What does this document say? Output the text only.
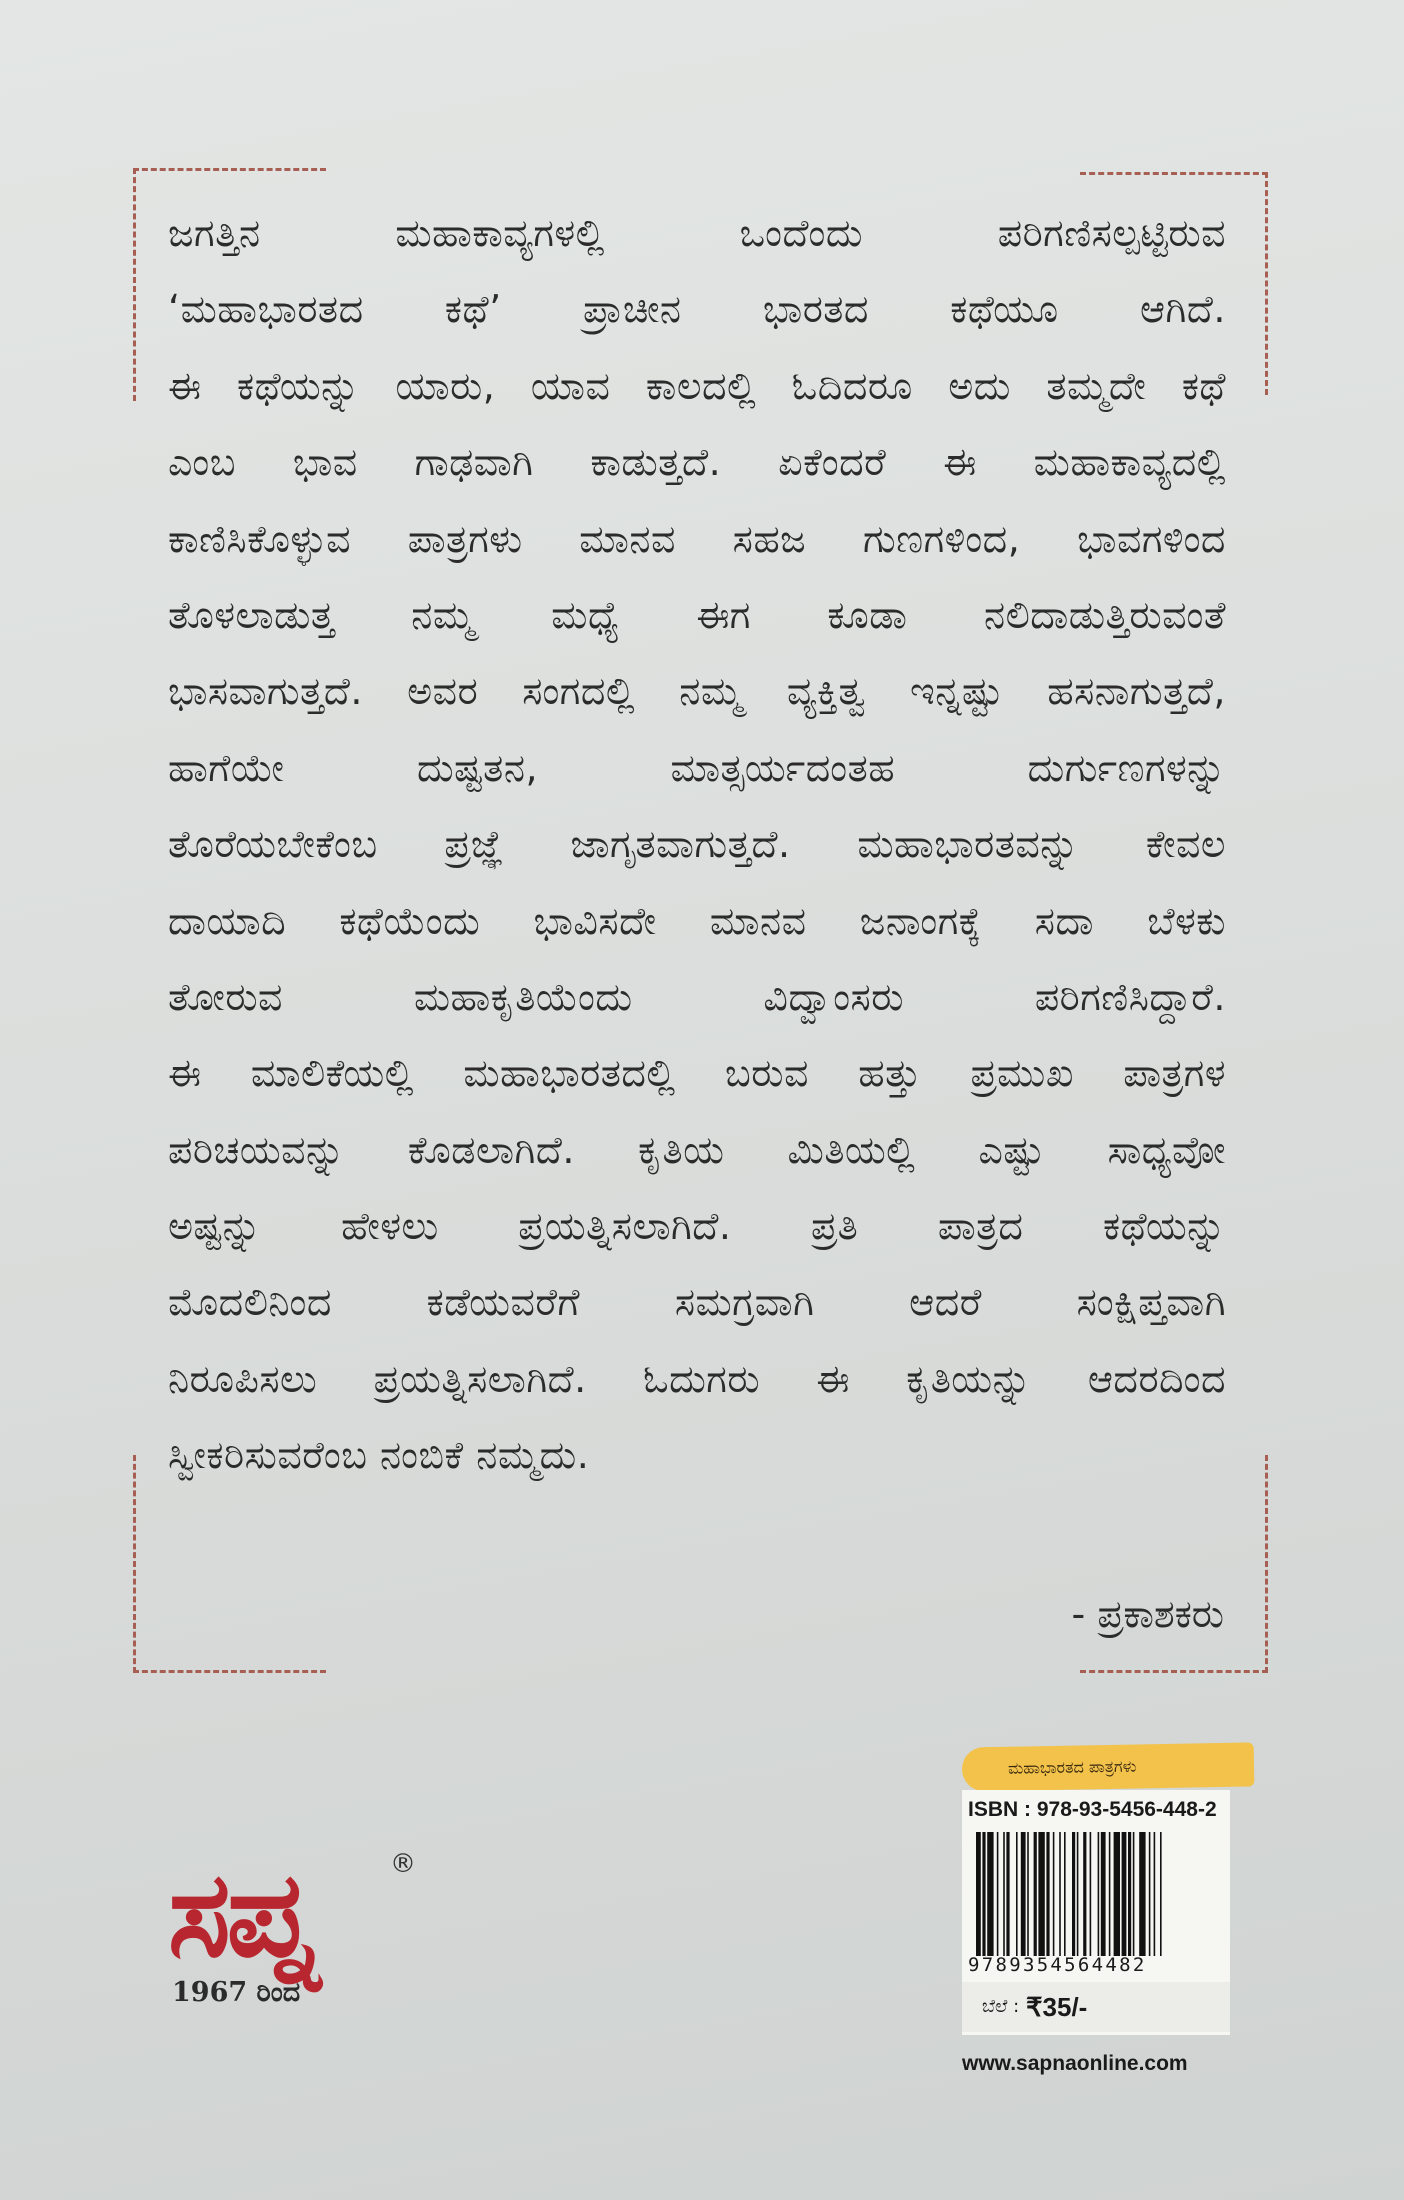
ಜಗತ್ತಿನ ಮಹಾಕಾವ್ಯಗಳಲ್ಲಿ ಒಂದೆಂದು ಪರಿಗಣಿಸಲ್ಪಟ್ಟಿರುವ
‘ಮಹಾಭಾರತದ ಕಥೆ’ ಪ್ರಾಚೀನ ಭಾರತದ ಕಥೆಯೂ ಆಗಿದೆ.
ಈ ಕಥೆಯನ್ನು ಯಾರು, ಯಾವ ಕಾಲದಲ್ಲಿ ಓದಿದರೂ ಅದು ತಮ್ಮದೇ ಕಥೆ
ಎಂಬ ಭಾವ ಗಾಢವಾಗಿ ಕಾಡುತ್ತದೆ. ಏಕೆಂದರೆ ಈ ಮಹಾಕಾವ್ಯದಲ್ಲಿ
ಕಾಣಿಸಿಕೊಳ್ಳುವ ಪಾತ್ರಗಳು ಮಾನವ ಸಹಜ ಗುಣಗಳಿಂದ, ಭಾವಗಳಿಂದ
ತೊಳಲಾಡುತ್ತ ನಮ್ಮ ಮಧ್ಯೆ ಈಗ ಕೂಡಾ ನಲಿದಾಡುತ್ತಿರುವಂತೆ
ಭಾಸವಾಗುತ್ತದೆ. ಅವರ ಸಂಗದಲ್ಲಿ ನಮ್ಮ ವ್ಯಕ್ತಿತ್ವ ಇನ್ನಷ್ಟು ಹಸನಾಗುತ್ತದೆ,
ಹಾಗೆಯೇ ದುಷ್ಟತನ, ಮಾತ್ಸರ್ಯದಂತಹ ದುರ್ಗುಣಗಳನ್ನು
ತೊರೆಯಬೇಕೆಂಬ ಪ್ರಜ್ಞೆ ಜಾಗೃತವಾಗುತ್ತದೆ. ಮಹಾಭಾರತವನ್ನು ಕೇವಲ
ದಾಯಾದಿ ಕಥೆಯೆಂದು ಭಾವಿಸದೇ ಮಾನವ ಜನಾಂಗಕ್ಕೆ ಸದಾ ಬೆಳಕು
ತೋರುವ ಮಹಾಕೃತಿಯೆಂದು ವಿದ್ವಾಂಸರು ಪರಿಗಣಿಸಿದ್ದಾರೆ.
ಈ ಮಾಲಿಕೆಯಲ್ಲಿ ಮಹಾಭಾರತದಲ್ಲಿ ಬರುವ ಹತ್ತು ಪ್ರಮುಖ ಪಾತ್ರಗಳ
ಪರಿಚಯವನ್ನು ಕೊಡಲಾಗಿದೆ. ಕೃತಿಯ ಮಿತಿಯಲ್ಲಿ ಎಷ್ಟು ಸಾಧ್ಯವೋ
ಅಷ್ಟನ್ನು ಹೇಳಲು ಪ್ರಯತ್ನಿಸಲಾಗಿದೆ. ಪ್ರತಿ ಪಾತ್ರದ ಕಥೆಯನ್ನು
ಮೊದಲಿನಿಂದ ಕಡೆಯವರೆಗೆ ಸಮಗ್ರವಾಗಿ ಆದರೆ ಸಂಕ್ಷಿಪ್ತವಾಗಿ
ನಿರೂಪಿಸಲು ಪ್ರಯತ್ನಿಸಲಾಗಿದೆ. ಓದುಗರು ಈ ಕೃತಿಯನ್ನು ಆದರದಿಂದ
ಸ್ವೀಕರಿಸುವರೆಂಬ ನಂಬಿಕೆ ನಮ್ಮದು.
- ಪ್ರಕಾಶಕರು
ಸಪ್ನ	®
1967 ರಿಂದ
ಮಹಾಭಾರತದ ಪಾತ್ರಗಳು
ISBN : 978-93-5456-448-2
9789354564482
ಬೆಲೆ : ₹35/-
www.sapnaonline.com
